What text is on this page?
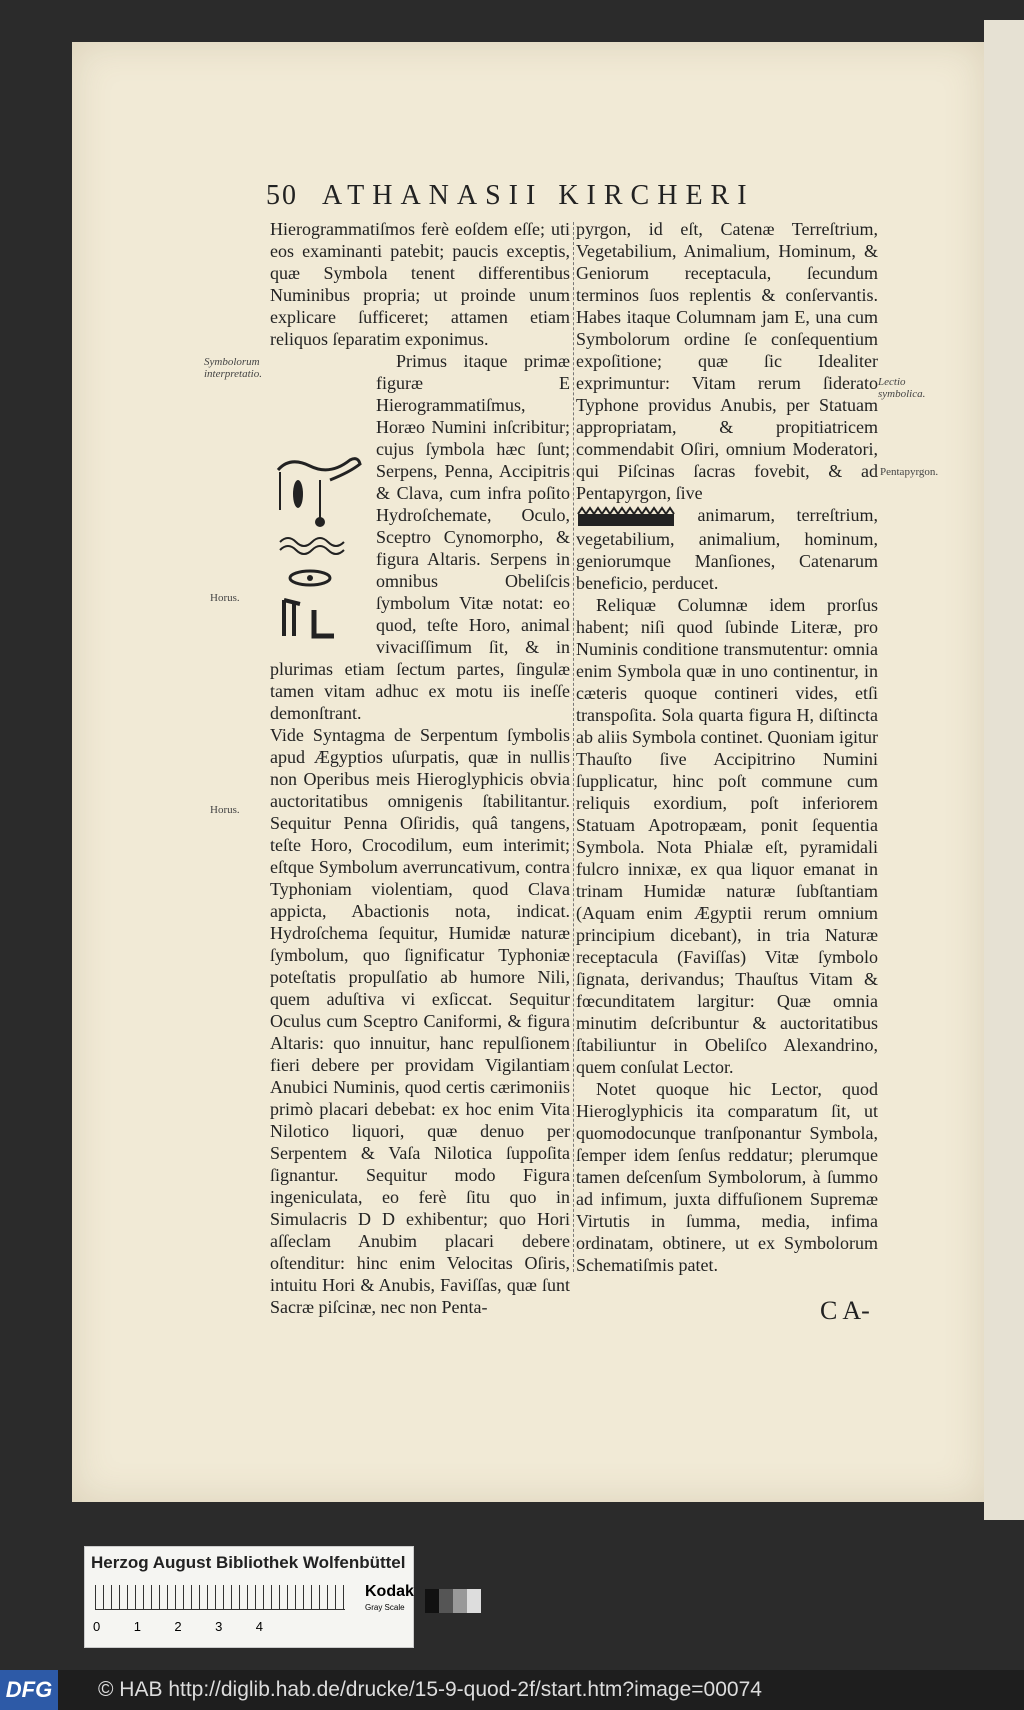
50 ATHANASII KIRCHERI
Symbolorum interpretatio.
Horus.
Horus.
Lectio symbolica.
Pentapyrgon.

Hierogrammatiſmos ferè eoſdem eſſe; uti eos examinanti patebit; paucis exceptis, quæ Symbola tenent differentibus Numinibus propria; ut proinde unum explicare ſufficeret; attamen etiam reliquos ſeparatim exponimus.

Primus itaque primæ figuræ E Hierogrammatiſmus, Horæo Numini inſcribitur; cujus ſymbola hæc ſunt; Serpens, Penna, Accipitris & Clava, cum infra poſito Hydroſchemate, Oculo, Sceptro Cynomorpho, & figura Altaris. Serpens in omnibus Obeliſcis ſymbolum Vitæ notat: eo quod, teſte Horo, animal vivaciſſimum ſit, & in plurimas etiam ſectum partes, ſingulæ tamen vitam adhuc ex motu iis ineſſe demonſtrant.

Vide Syntagma de Serpentum ſymbolis apud Ægyptios uſurpatis, quæ in nullis non Operibus meis Hieroglyphicis obvia auctoritatibus omnigenis ſtabilitantur. Sequitur Penna Oſiridis, quâ tangens, teſte Horo, Crocodilum, eum interimit; eſtque Symbolum averruncativum, contra Typhoniam violentiam, quod Clava appicta, Abactionis nota, indicat. Hydroſchema ſequitur, Humidæ naturæ ſymbolum, quo ſignificatur Typhoniæ poteſtatis propulſatio ab humore Nili, quem aduſtiva vi exſiccat. Sequitur Oculus cum Sceptro Caniformi, & figura Altaris: quo innuitur, hanc repulſionem fieri debere per providam Vigilantiam Anubici Numinis, quod certis cærimoniis primò placari debebat: ex hoc enim Vita Nilotico liquori, quæ denuo per Serpentem & Vaſa Nilotica ſuppoſita ſignantur. Sequitur modo Figura ingeniculata, eo ferè ſitu quo in Simulacris D D exhibentur; quo Hori aſſeclam Anubim placari debere oſtenditur: hinc enim Velocitas Oſiris, intuitu Hori & Anubis, Faviſſas, quæ ſunt Sacræ piſcinæ, nec non Penta-

pyrgon, id eſt, Catenæ Terreſtrium, Vegetabilium, Animalium, Hominum, & Geniorum receptacula, ſecundum terminos ſuos replentis & conſervantis. Habes itaque Columnam jam E, una cum Symbolorum ordine ſe conſequentium expoſitione; quæ ſic Idealiter exprimuntur: Vitam rerum ſiderato Typhone providus Anubis, per Statuam appropriatam, & propitiatricem commendabit Oſiri, omnium Moderatori, qui Piſcinas ſacras fovebit, & ad Pentapyrgon, ſive

animarum, terreſtrium, vegetabilium, animalium, hominum, geniorumque Manſiones, Catenarum beneficio, perducet.

Reliquæ Columnæ idem prorſus habent; niſi quod ſubinde Literæ, pro Numinis conditione transmutentur: omnia enim Symbola quæ in uno continentur, in cæteris quoque contineri vides, etſi transpoſita. Sola quarta figura H, diſtincta ab aliis Symbola continet. Quoniam igitur Thauſto ſive Accipitrino Numini ſupplicatur, hinc poſt commune cum reliquis exordium, poſt inferiorem Statuam Apotropæam, ponit ſequentia Symbola. Nota Phialæ eſt, pyramidali fulcro innixæ, ex qua liquor emanat in trinam Humidæ naturæ ſubſtantiam (Aquam enim Ægyptii rerum omnium principium dicebant), in tria Naturæ receptacula (Faviſſas) Vitæ ſymbolo ſignata, derivandus; Thauſtus Vitam & fœcunditatem largitur: Quæ omnia minutim deſcribuntur & auctoritatibus ſtabiliuntur in Obeliſco Alexandrino, quem conſulat Lector.

Notet quoque hic Lector, quod Hieroglyphicis ita comparatum ſit, ut quomodocunque tranſponantur Symbola, ſemper idem ſenſus reddatur; plerumque tamen deſcenſum Symbolorum, à ſummo ad infimum, juxta diffuſionem Supremæ Virtutis in ſumma, media, infima ordinatam, obtinere, ut ex Symbolorum Schematiſmis patet.

C A-
Herzog August Bibliothek Wolfenbüttel
0	1	2	3	4
Kodak
Gray Scale
DFG © HAB http://diglib.hab.de/drucke/15-9-quod-2f/start.htm?image=00074
